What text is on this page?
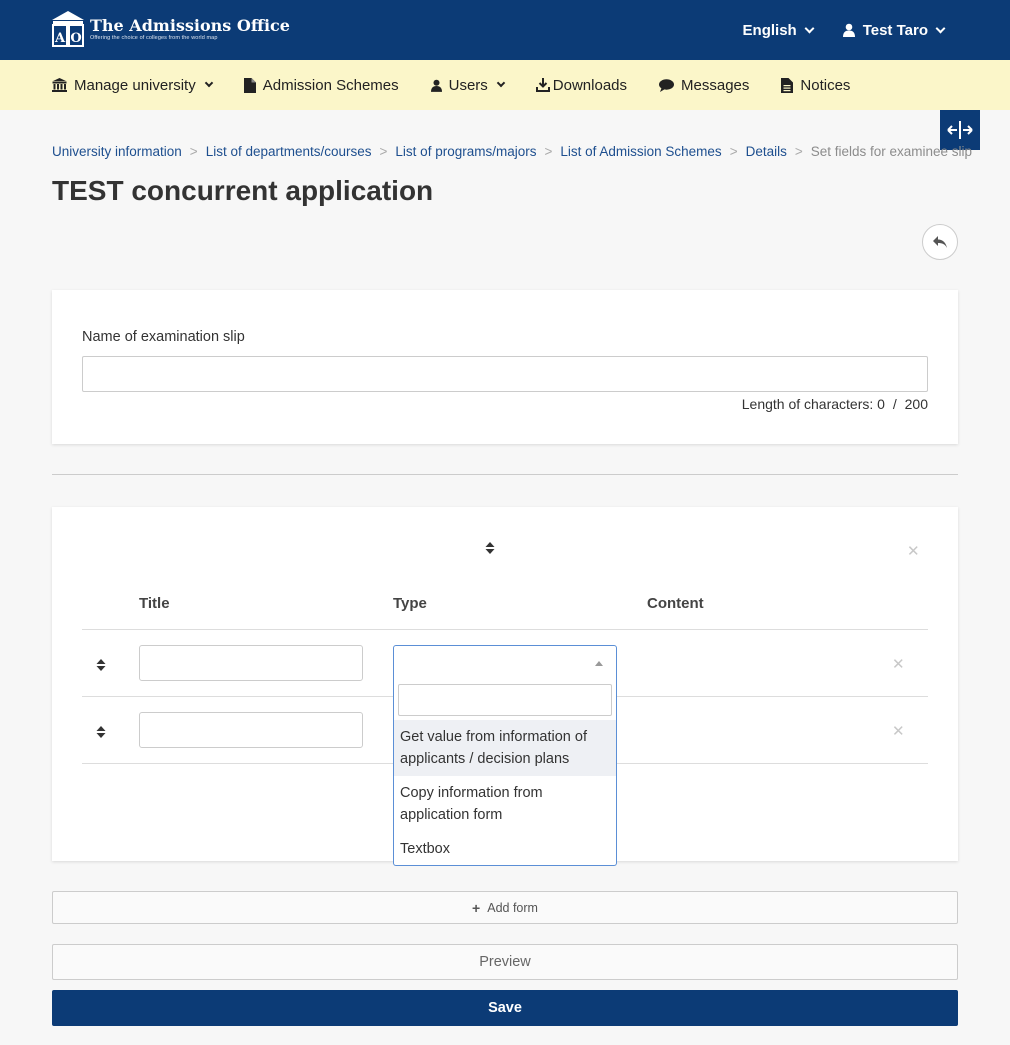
A O
The Admissions Office
Offering the choice of colleges from the world map	English	Test Taro
Manage university	Admission Schemes	Users	Downloads	Messages	Notices
University information > List of departments/courses > List of programs/majors > List of Admission Schemes > Details > Set fields for examinee slip
TEST concurrent application
Name of examination slip
Length of characters: 0 / 200
✕
Title	Type	Content
✕
✕
Get value from information of applicants / decision plans
Copy information from application form
Textbox
+ Add form
Preview
Save
